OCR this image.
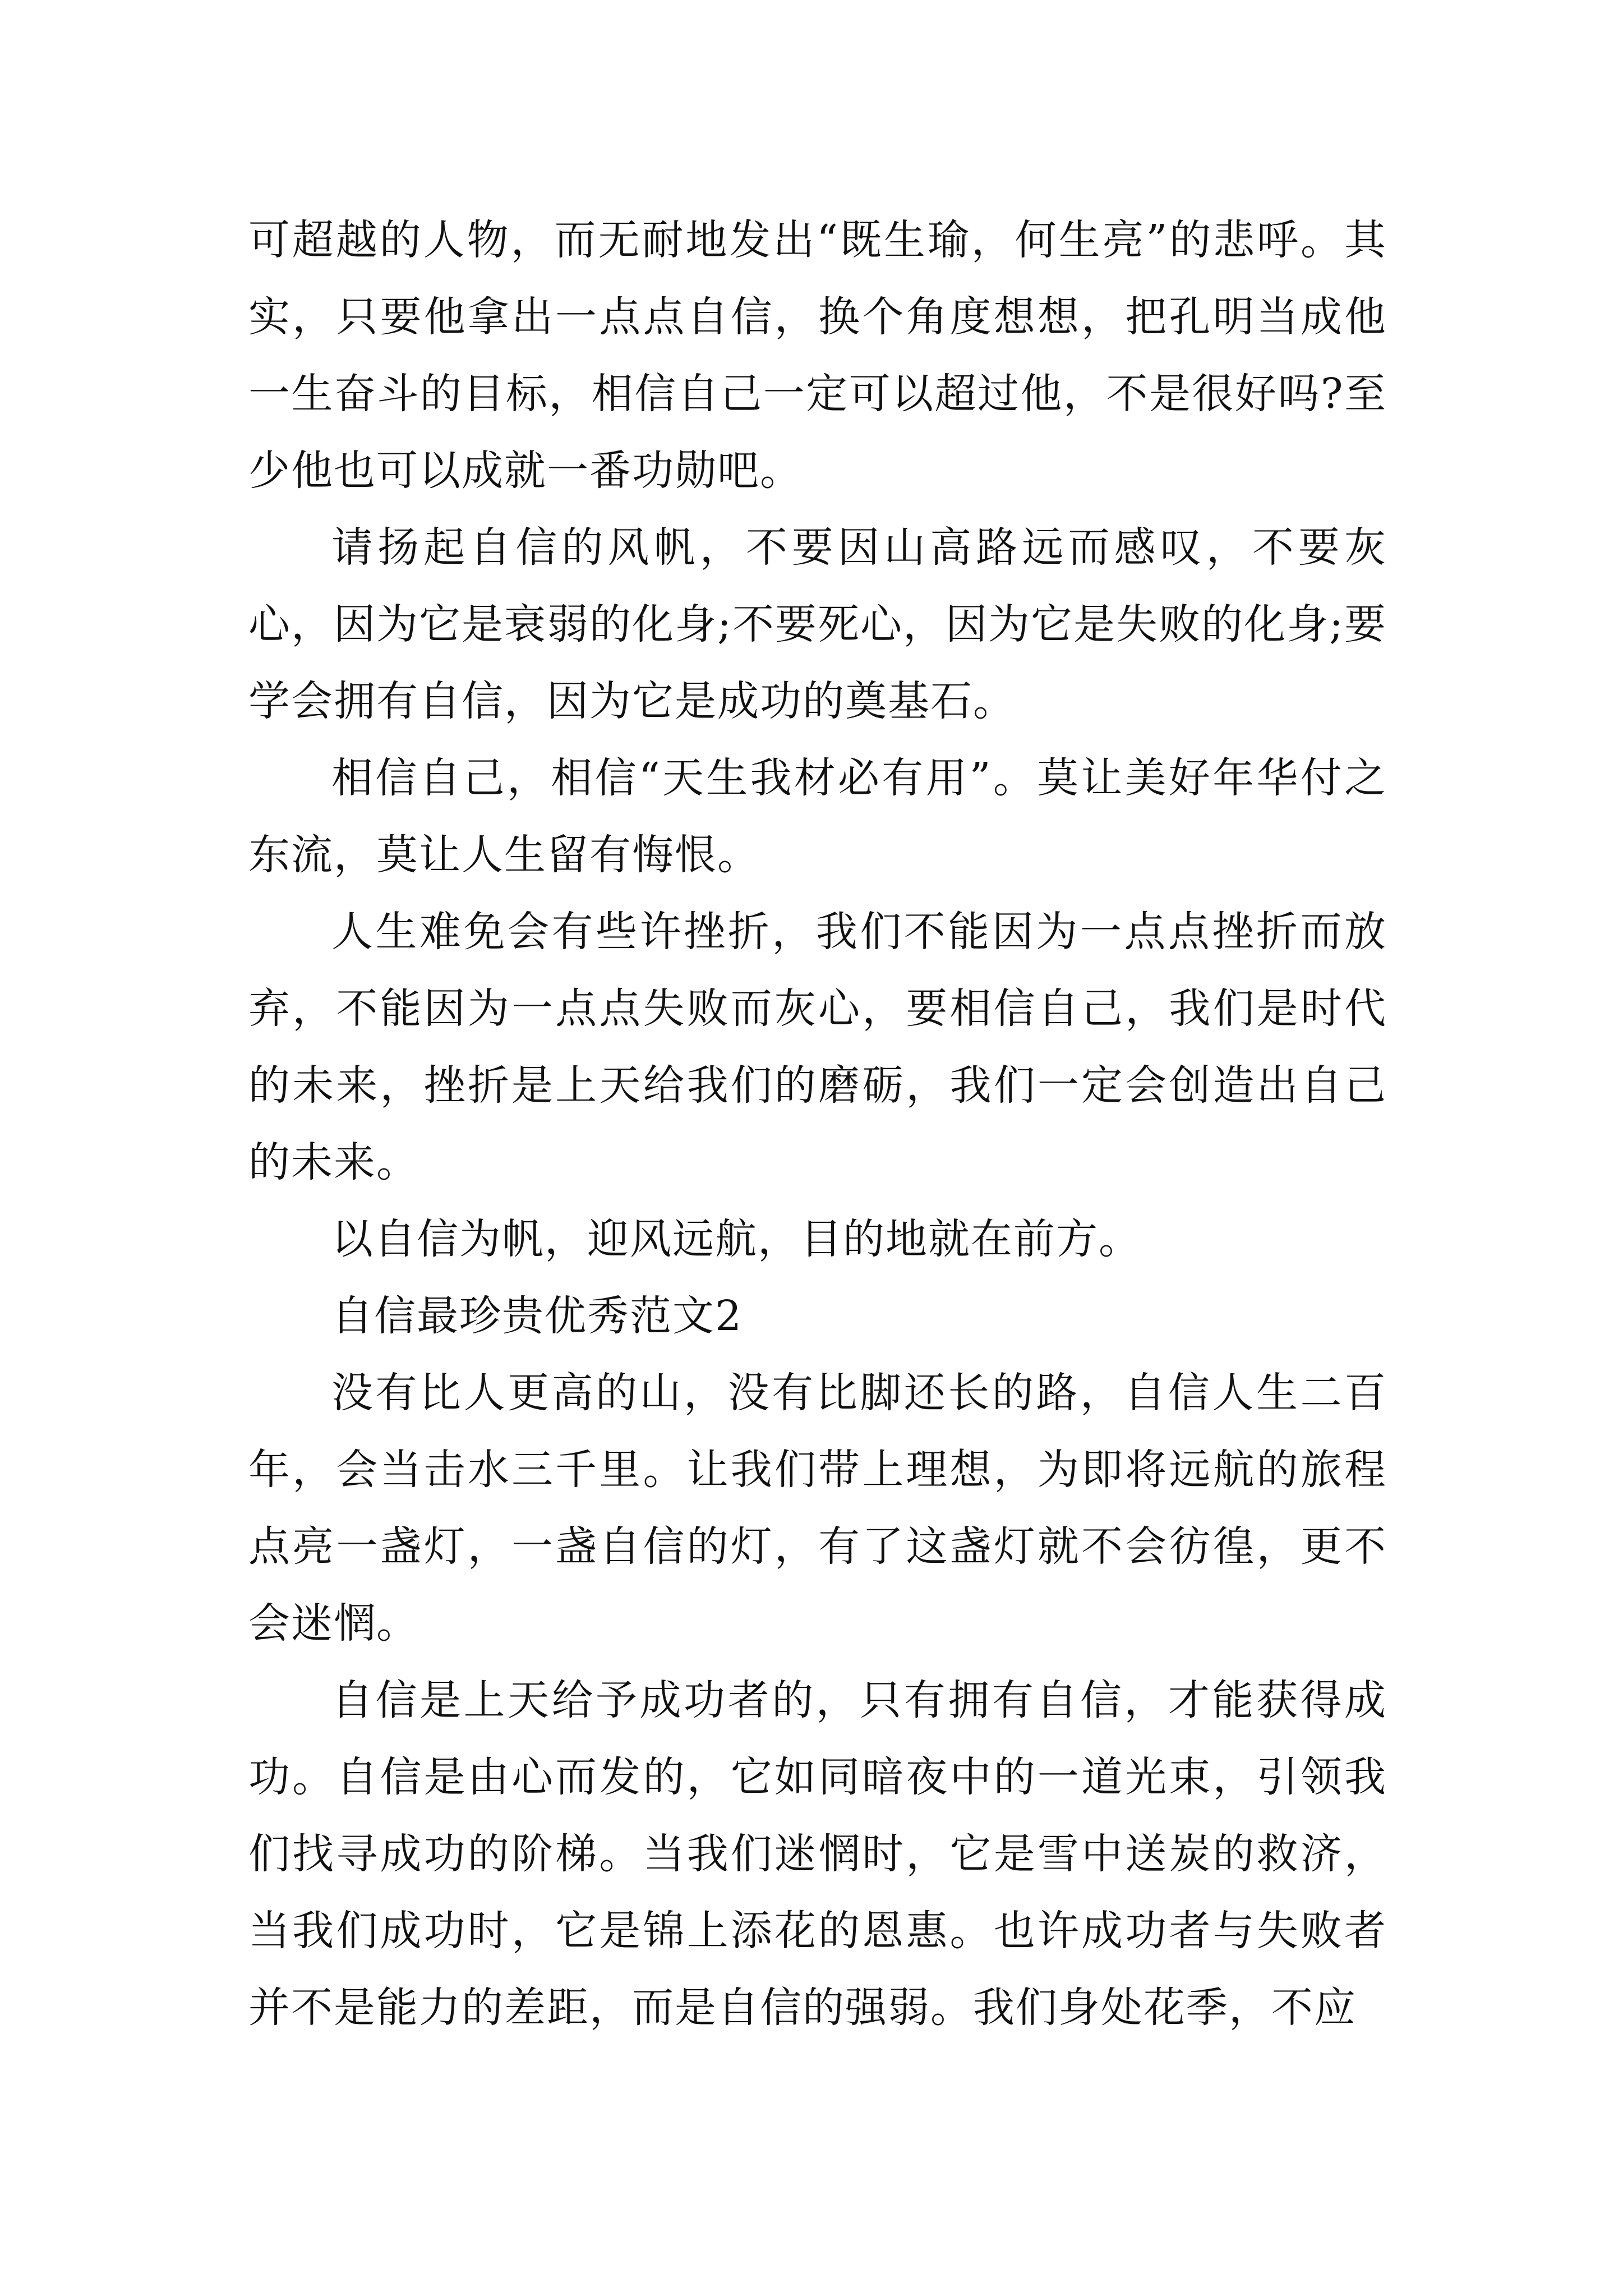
可超越的人物，而无耐地发出“既生瑜，何生亮”的悲呼。其实，只要他拿出一点点自信，换个角度想想，把孔明当成他一生奋斗的目标，相信自己一定可以超过他，不是很好吗?至少他也可以成就一番功勋吧。

请扬起自信的风帆，不要因山高路远而感叹，不要灰心，因为它是衰弱的化身;不要死心，因为它是失败的化身;要学会拥有自信，因为它是成功的奠基石。

相信自己，相信“天生我材必有用”。莫让美好年华付之东流，莫让人生留有悔恨。

人生难免会有些许挫折，我们不能因为一点点挫折而放弃，不能因为一点点失败而灰心，要相信自己，我们是时代的未来，挫折是上天给我们的磨砺，我们一定会创造出自己的未来。

以自信为帆，迎风远航，目的地就在前方。

自信最珍贵优秀范文2

没有比人更高的山，没有比脚还长的路，自信人生二百年，会当击水三千里。让我们带上理想，为即将远航的旅程点亮一盏灯，一盏自信的灯，有了这盏灯就不会彷徨，更不会迷惘。

自信是上天给予成功者的，只有拥有自信，才能获得成功。自信是由心而发的，它如同暗夜中的一道光束，引领我们找寻成功的阶梯。当我们迷惘时，它是雪中送炭的救济，当我们成功时，它是锦上添花的恩惠。也许成功者与失败者并不是能力的差距，而是自信的强弱。我们身处花季，不应
